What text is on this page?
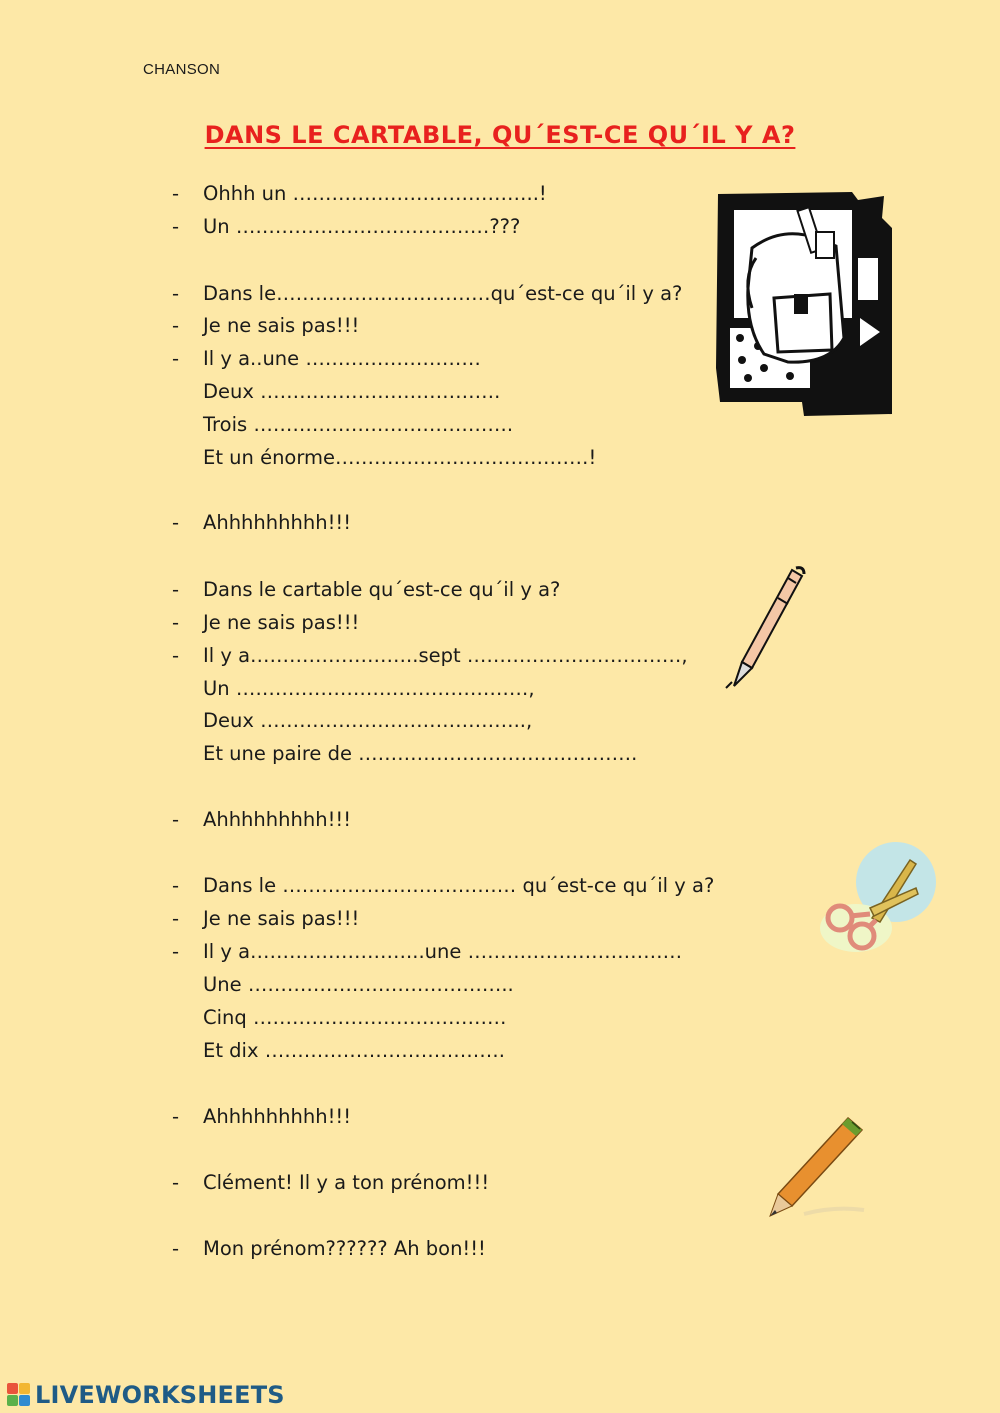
CHANSON
DANS LE CARTABLE, QU´EST-CE QU´IL Y A?
- Ohhh un ………………………………..!
- Un …………………………………???
- Dans le……………………………qu´est-ce qu´il y a?
- Je ne sais pas!!!
- Il y a..une ………………………
Deux ……………………………….
Trois ………………………………….
Et un énorme…………………………………!
- Ahhhhhhhhh!!!
- Dans le cartable qu´est-ce qu´il y a?
- Je ne sais pas!!!
- Il y a……………………..sept ……………………………,
Un ………………………………………,
Deux …………………………………..,
Et une paire de …………………………………….
- Ahhhhhhhhh!!!
- Dans le ……………………………… qu´est-ce qu´il y a?
- Je ne sais pas!!!
- Il y a……………………...une ……………………………
Une …………………………………..
Cinq …………………………………
Et dix ……………………………….
- Ahhhhhhhhh!!!
- Clément! Il y a ton prénom!!!
- Mon prénom?????? Ah bon!!!
LIVEWORKSHEETS
